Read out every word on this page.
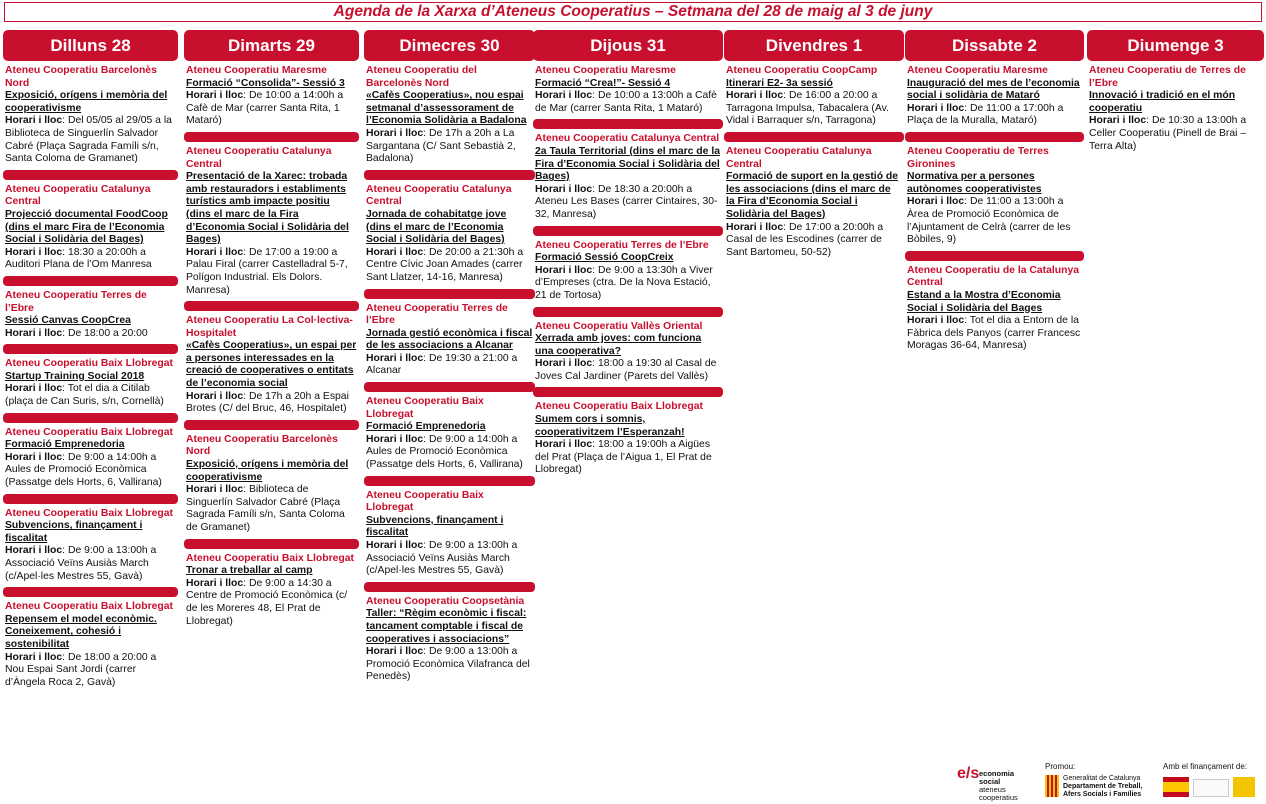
Agenda de la Xarxa d’Ateneus Cooperatius – Setmana del 28 de maig al 3 de juny
Dilluns 28
Ateneu Cooperatiu Barcelonès Nord
Exposició, orígens i memòria del cooperativisme
Horari i lloc: Del 05/05 al 29/05 a la Biblioteca de Singuerlín Salvador Cabré (Plaça Sagrada Famíli s/n, Santa Coloma de Gramanet)
Ateneu Cooperatiu Catalunya Central
Projecció documental FoodCoop (dins el marc Fira de l’Economia Social i Solidària del Bages)
Horari i lloc: 18:30 a 20:00h a Auditori Plana de l’Om Manresa
Ateneu Cooperatiu Terres de l’Ebre
Sessió Canvas CoopCrea
Horari i lloc: De 18:00 a 20:00
Ateneu Cooperatiu Baix Llobregat
Startup Training Social 2018
Horari i lloc: Tot el dia a Citilab (plaça de Can Suris, s/n, Cornellà)
Ateneu Cooperatiu Baix Llobregat
Formació Emprenedoria
Horari i lloc: De 9:00 a 14:00h a Aules de Promoció Econòmica (Passatge dels Horts, 6, Vallirana)
Ateneu Cooperatiu Baix Llobregat
Subvencions, finançament i fiscalitat
Horari i lloc: De 9:00 a 13:00h a Associació Veïns Ausiàs March (c/Apel·les Mestres 55, Gavà)
Ateneu Cooperatiu Baix Llobregat
Repensem el model econòmic. Coneixement, cohesió i sostenibilitat
Horari i lloc: De 18:00 a 20:00 a Nou Espai Sant Jordi (carrer d’Àngela Roca 2, Gavà)
Dimarts 29
Ateneu Cooperatiu Maresme
Formació “Consolida”- Sessió 3
Horari i lloc: De 10:00 a 14:00h a Cafè de Mar (carrer Santa Rita, 1 Mataró)
Ateneu Cooperatiu Catalunya Central
Presentació de la Xarec: trobada amb restauradors i establiments turístics amb impacte positiu (dins el marc de la Fira d’Economia Social i Solidària del Bages)
Horari i lloc: De 17:00 a 19:00 a Palau Firal (carrer Castelladral 5-7, Polígon Industrial. Els Dolors. Manresa)
Ateneu Cooperatiu La Col·lectiva- Hospitalet
«Cafès Cooperatius», un espai per a persones interessades en la creació de cooperatives o entitats de l’economia social
Horari i lloc: De 17h a 20h a Espai Brotes (C/ del Bruc, 46, Hospitalet)
Ateneu Cooperatiu Barcelonès Nord
Exposició, orígens i memòria del cooperativisme
Horari i lloc: Biblioteca de Singuerlín Salvador Cabré (Plaça Sagrada Famíli s/n, Santa Coloma de Gramanet)
Ateneu Cooperatiu Baix Llobregat
Tronar a treballar al camp
Horari i lloc: De 9:00 a 14:30 a Centre de Promoció Econòmica (c/ de les Moreres 48, El Prat de Llobregat)
Dimecres 30
Ateneu Cooperatiu del Barcelonès Nord
«Cafès Cooperatius», nou espai setmanal d’assessorament de l’Economia Solidària a Badalona
Horari i lloc: De 17h a 20h a La Sargantana (C/ Sant Sebastià 2, Badalona)
Ateneu Cooperatiu Catalunya Central
Jornada de cohabitatge jove (dins el marc de l’Economia Social i Solidària del Bages)
Horari i lloc: De 20:00 a 21:30h a Centre Cívic Joan Amades (carrer Sant Llatzer, 14-16, Manresa)
Ateneu Cooperatiu Terres de l’Ebre
Jornada gestió econòmica i fiscal de les associacions a Alcanar
Horari i lloc: De 19:30 a 21:00 a Alcanar
Ateneu Cooperatiu Baix Llobregat
Formació Emprenedoria
Horari i lloc: De 9:00 a 14:00h a Aules de Promoció Econòmica (Passatge dels Horts, 6, Vallirana)
Ateneu Cooperatiu Baix Llobregat
Subvencions, finançament i fiscalitat
Horari i lloc: De 9:00 a 13:00h a Associació Veïns Ausiàs March (c/Apel·les Mestres 55, Gavà)
Ateneu Cooperatiu Coopsetània
Taller: “Règim econòmic i fiscal: tancament comptable i fiscal de cooperatives i associacions”
Horari i lloc: De 9:00 a 13:00h a Promoció Econòmica Vilafranca del Penedès)
Dijous 31
Ateneu Cooperatiu Maresme
Formació “Crea!”- Sessió 4
Horari i lloc: De 10:00 a 13:00h a Cafè de Mar (carrer Santa Rita, 1 Mataró)
Ateneu Cooperatiu Catalunya Central
2a Taula Territorial (dins el marc de la Fira d’Economia Social i Solidària del Bages)
Horari i lloc: De 18:30 a 20:00h a Ateneu Les Bases (carrer Cintaires, 30-32, Manresa)
Ateneu Cooperatiu Terres de l’Ebre
Formació Sessió CoopCreix
Horari i lloc: De 9:00 a 13:30h a Viver d’Empreses (ctra. De la Nova Estació, 21 de Tortosa)
Ateneu Cooperatiu Vallès Oriental
Xerrada amb joves: com funciona una cooperativa?
Horari i lloc: 18:00 a 19:30 al Casal de Joves Cal Jardiner (Parets del Vallès)
Ateneu Cooperatiu Baix Llobregat
Sumem cors i somnis, cooperativitzem l’Esperanzah!
Horari i lloc: 18:00 a 19:00h a Aigües del Prat (Plaça de l’Aigua 1, El Prat de Llobregat)
Divendres 1
Ateneu Cooperatiu CoopCamp
Itinerari E2- 3a sessió
Horari i lloc: De 16:00 a 20:00 a Tarragona Impulsa, Tabacalera (Av. Vidal i Barraquer s/n, Tarragona)
Ateneu Cooperatiu Catalunya Central
Formació de suport en la gestió de les associacions (dins el marc de la Fira d’Economia Social i Solidària del Bages)
Horari i lloc: De 17:00 a 20:00h a Casal de les Escodines (carrer de Sant Bartomeu, 50-52)
Dissabte 2
Ateneu Cooperatiu Maresme
Inauguració del mes de l’economia social i solidària de Mataró
Horari i lloc: De 11:00 a 17:00h a Plaça de la Muralla, Mataró)
Ateneu Cooperatiu de Terres Gironines
Normativa per a persones autònomes cooperativistes
Horari i lloc: De 11:00 a 13:00h a Àrea de Promoció Econòmica de l’Ajuntament de Celrà (carrer de les Bòbiles, 9)
Ateneu Cooperatiu de la Catalunya Central
Estand a la Mostra d’Economia Social i Solidària del Bages
Horari i lloc: Tot el dia a Entorn de la Fàbrica dels Panyos (carrer Francesc Moragas 36-64, Manresa)
Diumenge 3
Ateneu Cooperatiu de Terres de l’Ebre
Innovació i tradició en el món cooperatiu
Horari i lloc: De 10:30 a 13:00h a Celler Cooperatiu (Pinell de Brai – Terra Alta)
e/s economia
social
ateneus
cooperatius
Promou:
Generalitat de Catalunya
Departament de Treball,
Afers Socials i Famílies
Amb el finançament de:
